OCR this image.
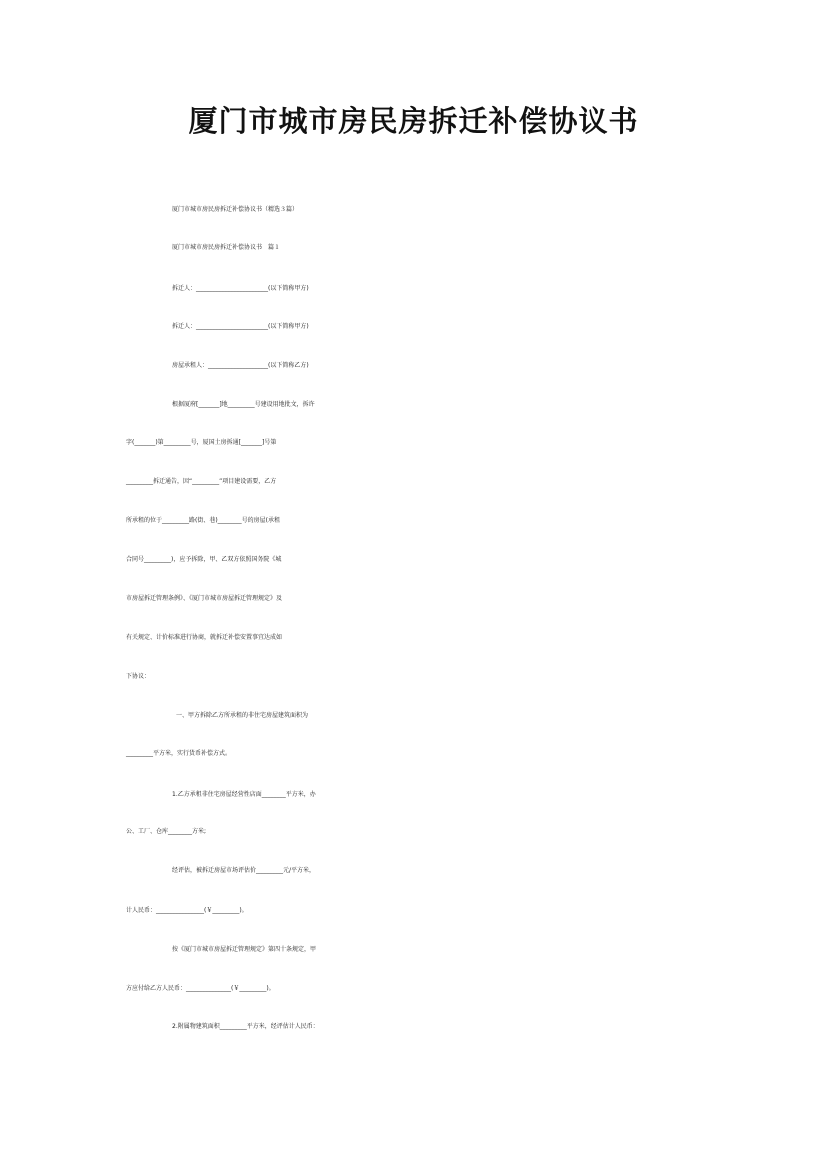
厦门市城市房民房拆迁补偿协议书
厦门市城市房民房拆迁补偿协议书（精选３篇）
厦门市城市房民房拆迁补偿协议书　篇１
拆迁人：________________________(以下简称甲方)
拆迁人：________________________(以下简称甲方)
房屋承租人：____________________(以下简称乙方)
根据厦府[_______]地_________号建设用地批文，拆许
字(_______)第_________号，厦国土房拆通[_______]号第
_________拆迁通告，因“_________”项目建设需要，乙方
所承租的位于_________路(街、巷)________号的房屋(承租
合同号_________)，应予拆除，甲、乙双方依照国务院《城
市房屋拆迁管理条例》、《厦门市城市房屋拆迁管理规定》及
有关规定、计价标准进行协商，就拆迁补偿安置事宜达成如
下协议：
一、甲方拆除乙方所承租的非住宅房屋建筑面积为
_________平方米，实行货币补偿方式。
1.乙方承租非住宅房屋经营性店面________平方米，办
公、工厂、仓库________方米;
经评估，被拆迁房屋市场评估价_________元/平方米，
计人民币：________________(￥_________)。
按《厦门市城市房屋拆迁管理规定》第四十条规定，甲
方应付给乙方人民币：_______________(￥_________)。
2.附属物建筑面积_________平方米，经评估计人民币：
